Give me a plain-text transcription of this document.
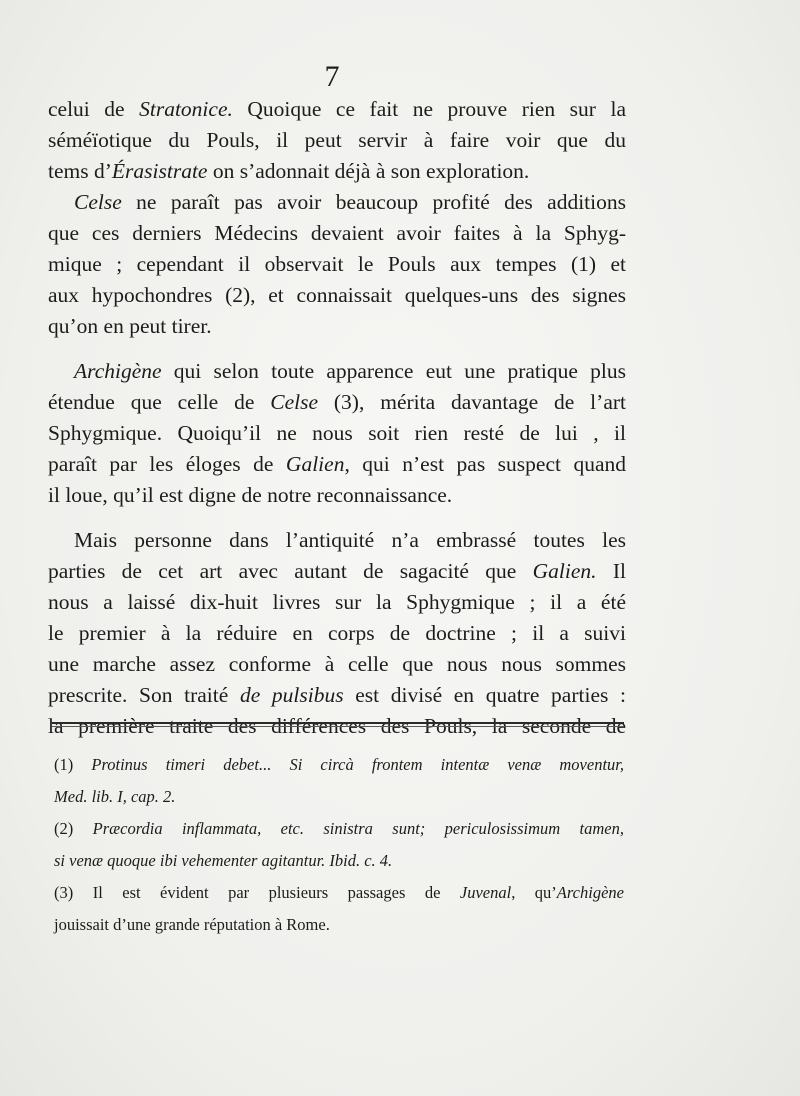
7

celui de Stratonice. Quoique ce fait ne prouve rien sur la

séméïotique du Pouls, il peut servir à faire voir que du

tems d’Érasistrate on s’adonnait déjà à son exploration.

Celse ne paraît pas avoir beaucoup profité des additions

que ces derniers Médecins devaient avoir faites à la Sphyg-

mique ; cependant il observait le Pouls aux tempes (1) et

aux hypochondres (2), et connaissait quelques-uns des signes

qu’on en peut tirer.

Archigène qui selon toute apparence eut une pratique plus

étendue que celle de Celse (3), mérita davantage de l’art

Sphygmique. Quoiqu’il ne nous soit rien resté de lui , il

paraît par les éloges de Galien, qui n’est pas suspect quand

il loue, qu’il est digne de notre reconnaissance.

Mais personne dans l’antiquité n’a embrassé toutes les

parties de cet art avec autant de sagacité que Galien. Il

nous a laissé dix-huit livres sur la Sphygmique ; il a été

le premier à la réduire en corps de doctrine ; il a suivi

une marche assez conforme à celle que nous nous sommes

prescrite. Son traité de pulsibus est divisé en quatre parties :

la première traite des différences des Pouls, la seconde de

(1) Protinus timeri debet... Si circà frontem intentæ venæ moventur,

Med. lib. I, cap. 2.

(2) Præcordia inflammata, etc. sinistra sunt; periculosissimum tamen,

si venæ quoque ibi vehementer agitantur. Ibid. c. 4.

(3) Il est évident par plusieurs passages de Juvenal, qu’Archigène

jouissait d’une grande réputation à Rome.
